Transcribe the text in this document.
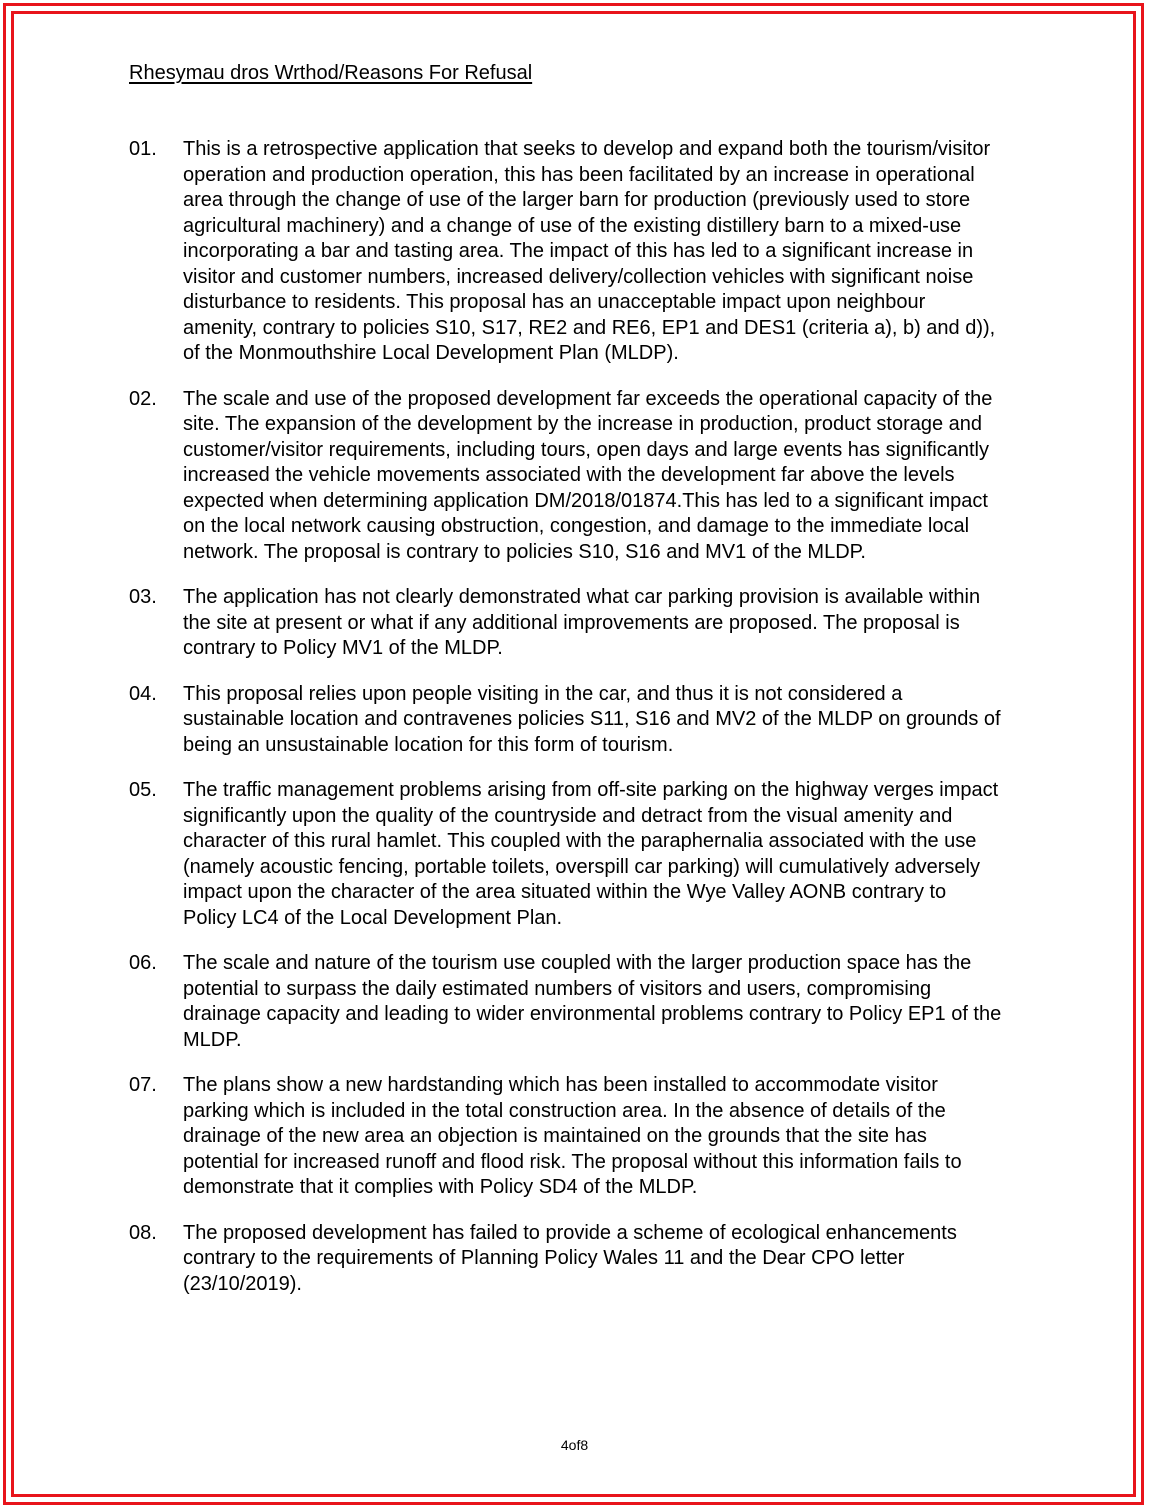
Rhesymau dros Wrthod/Reasons For Refusal
01. This is a retrospective application that seeks to develop and expand both the tourism/visitor operation and production operation, this has been facilitated by an increase in operational area through the change of use of the larger barn for production (previously used to store agricultural machinery) and a change of use of the existing distillery barn to a mixed-use incorporating a bar and tasting area. The impact of this has led to a significant increase in visitor and customer numbers, increased delivery/collection vehicles with significant noise disturbance to residents. This proposal has an unacceptable impact upon neighbour amenity, contrary to policies S10, S17, RE2 and RE6, EP1 and DES1 (criteria a), b) and d)), of the Monmouthshire Local Development Plan (MLDP).

02. The scale and use of the proposed development far exceeds the operational capacity of the site. The expansion of the development by the increase in production, product storage and customer/visitor requirements, including tours, open days and large events has significantly increased the vehicle movements associated with the development far above the levels expected when determining application DM/2018/01874.This has led to a significant impact on the local network causing obstruction, congestion, and damage to the immediate local network. The proposal is contrary to policies S10, S16 and MV1 of the MLDP.

03. The application has not clearly demonstrated what car parking provision is available within the site at present or what if any additional improvements are proposed. The proposal is contrary to Policy MV1 of the MLDP.

04. This proposal relies upon people visiting in the car, and thus it is not considered a sustainable location and contravenes policies S11, S16 and MV2 of the MLDP on grounds of being an unsustainable location for this form of tourism.

05. The traffic management problems arising from off-site parking on the highway verges impact significantly upon the quality of the countryside and detract from the visual amenity and character of this rural hamlet. This coupled with the paraphernalia associated with the use (namely acoustic fencing, portable toilets, overspill car parking) will cumulatively adversely impact upon the character of the area situated within the Wye Valley AONB contrary to Policy LC4 of the Local Development Plan.

06. The scale and nature of the tourism use coupled with the larger production space has the potential to surpass the daily estimated numbers of visitors and users, compromising drainage capacity and leading to wider environmental problems contrary to Policy EP1 of the MLDP.

07. The plans show a new hardstanding which has been installed to accommodate visitor parking which is included in the total construction area. In the absence of details of the drainage of the new area an objection is maintained on the grounds that the site has potential for increased runoff and flood risk. The proposal without this information fails to demonstrate that it complies with Policy SD4 of the MLDP.

08. The proposed development has failed to provide a scheme of ecological enhancements contrary to the requirements of Planning Policy Wales 11 and the Dear CPO letter (23/10/2019).

4of8
